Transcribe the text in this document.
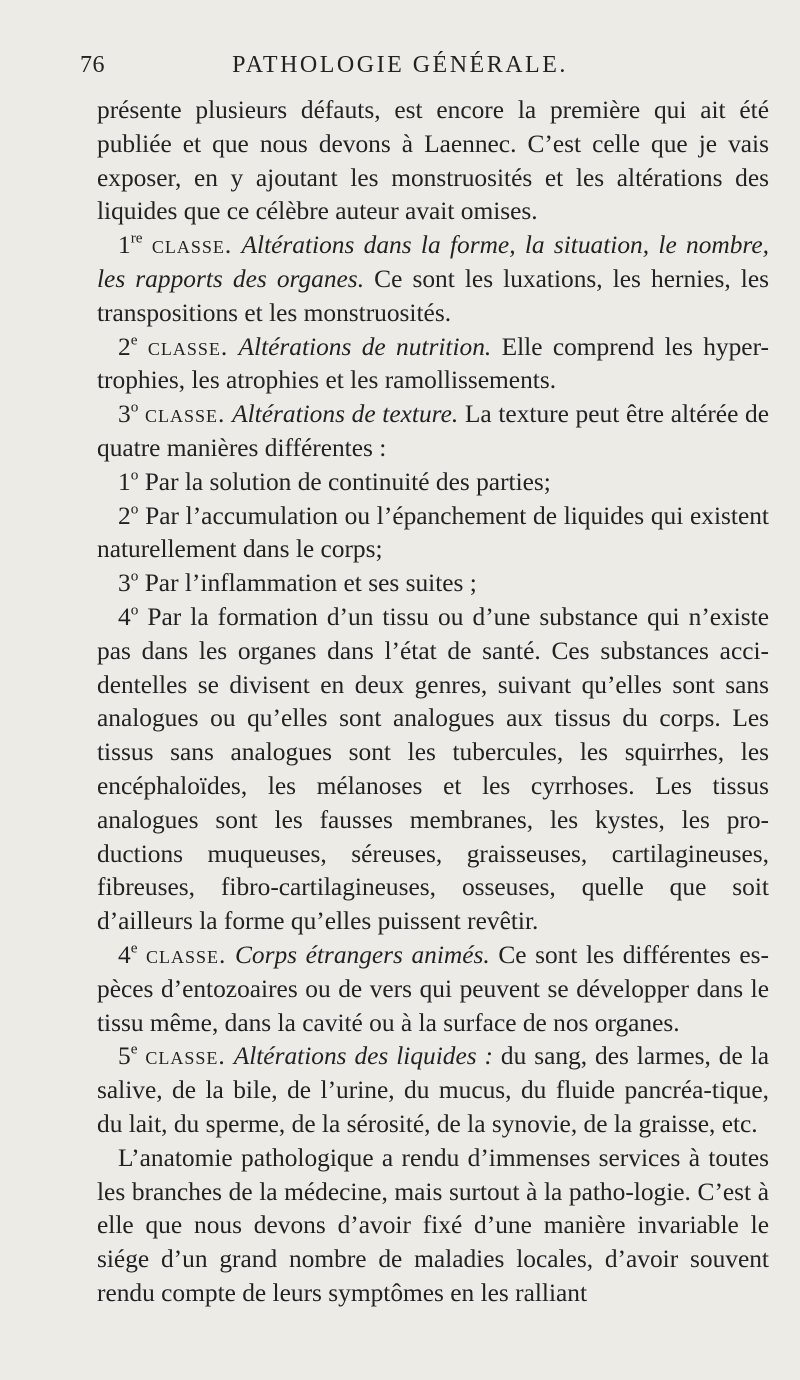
76	PATHOLOGIE GÉNÉRALE.

présente plusieurs défauts, est encore la première qui ait été publiée et que nous devons à Laennec. C’est celle que je vais exposer, en y ajoutant les monstruosités et les altérations des liquides que ce célèbre auteur avait omises.

1re classe. Altérations dans la forme, la situation, le nombre, les rapports des organes. Ce sont les luxations, les hernies, les transpositions et les monstruosités.

2e classe. Altérations de nutrition. Elle comprend les hyper-trophies, les atrophies et les ramollissements.

3$^o$ classe. Altérations de texture. La texture peut être altérée de quatre manières différentes :

1$^o$ Par la solution de continuité des parties;

2$^o$ Par l’accumulation ou l’épanchement de liquides qui existent naturellement dans le corps;

3$^o$ Par l’inflammation et ses suites ;

4$^o$ Par la formation d’un tissu ou d’une substance qui n’existe pas dans les organes dans l’état de santé. Ces substances acci-dentelles se divisent en deux genres, suivant qu’elles sont sans analogues ou qu’elles sont analogues aux tissus du corps. Les tissus sans analogues sont les tubercules, les squirrhes, les encéphaloïdes, les mélanoses et les cyrrhoses. Les tissus analogues sont les fausses membranes, les kystes, les pro-ductions muqueuses, séreuses, graisseuses, cartilagineuses, fibreuses, fibro-cartilagineuses, osseuses, quelle que soit d’ailleurs la forme qu’elles puissent revêtir.

4e classe. Corps étrangers animés. Ce sont les différentes es-pèces d’entozoaires ou de vers qui peuvent se développer dans le tissu même, dans la cavité ou à la surface de nos organes.

5e classe. Altérations des liquides : du sang, des larmes, de la salive, de la bile, de l’urine, du mucus, du fluide pancréa-tique, du lait, du sperme, de la sérosité, de la synovie, de la graisse, etc.

L’anatomie pathologique a rendu d’immenses services à toutes les branches de la médecine, mais surtout à la patho-logie. C’est à elle que nous devons d’avoir fixé d’une manière invariable le siége d’un grand nombre de maladies locales, d’avoir souvent rendu compte de leurs symptômes en les ralliant
